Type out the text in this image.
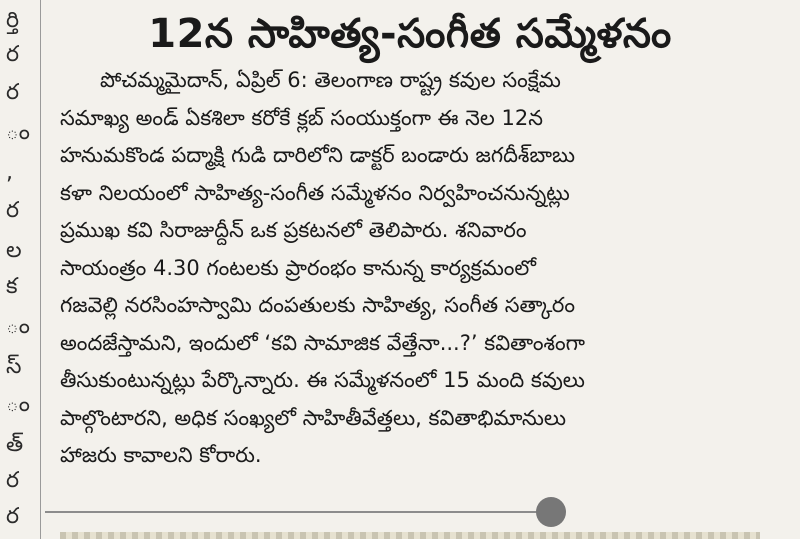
ర్తి
ర
ర
ం
,
ర
ల
క
ం
స్
ం
త్
ర
ర
12న సాహిత్య-సంగీత సమ్మేళనం
పోచమ్మమైదాన్, ఏప్రిల్ 6: తెలంగాణ రాష్ట్ర కవుల సంక్షేమ
సమాఖ్య అండ్ ఏకశిలా కరోకే క్లబ్ సంయుక్తంగా ఈ నెల 12న
హనుమకొండ పద్మాక్షి గుడి దారిలోని డాక్టర్ బండారు జగదీశ్‌బాబు
కళా నిలయంలో సాహిత్య-సంగీత సమ్మేళనం నిర్వహించనున్నట్లు
ప్రముఖ కవి సిరాజుద్దీన్ ఒక ప్రకటనలో తెలిపారు. శనివారం
సాయంత్రం 4.30 గంటలకు ప్రారంభం కానున్న కార్యక్రమంలో
గజవెల్లి నరసింహస్వామి దంపతులకు సాహిత్య, సంగీత సత్కారం
అందజేస్తామని, ఇందులో ‘కవి సామాజిక వేత్తేనా...?’ కవితాంశంగా
తీసుకుంటున్నట్లు పేర్కొన్నారు. ఈ సమ్మేళనంలో 15 మంది కవులు
పాల్గొంటారని, అధిక సంఖ్యలో సాహితీవేత్తలు, కవితాభిమానులు
హాజరు కావాలని కోరారు.
